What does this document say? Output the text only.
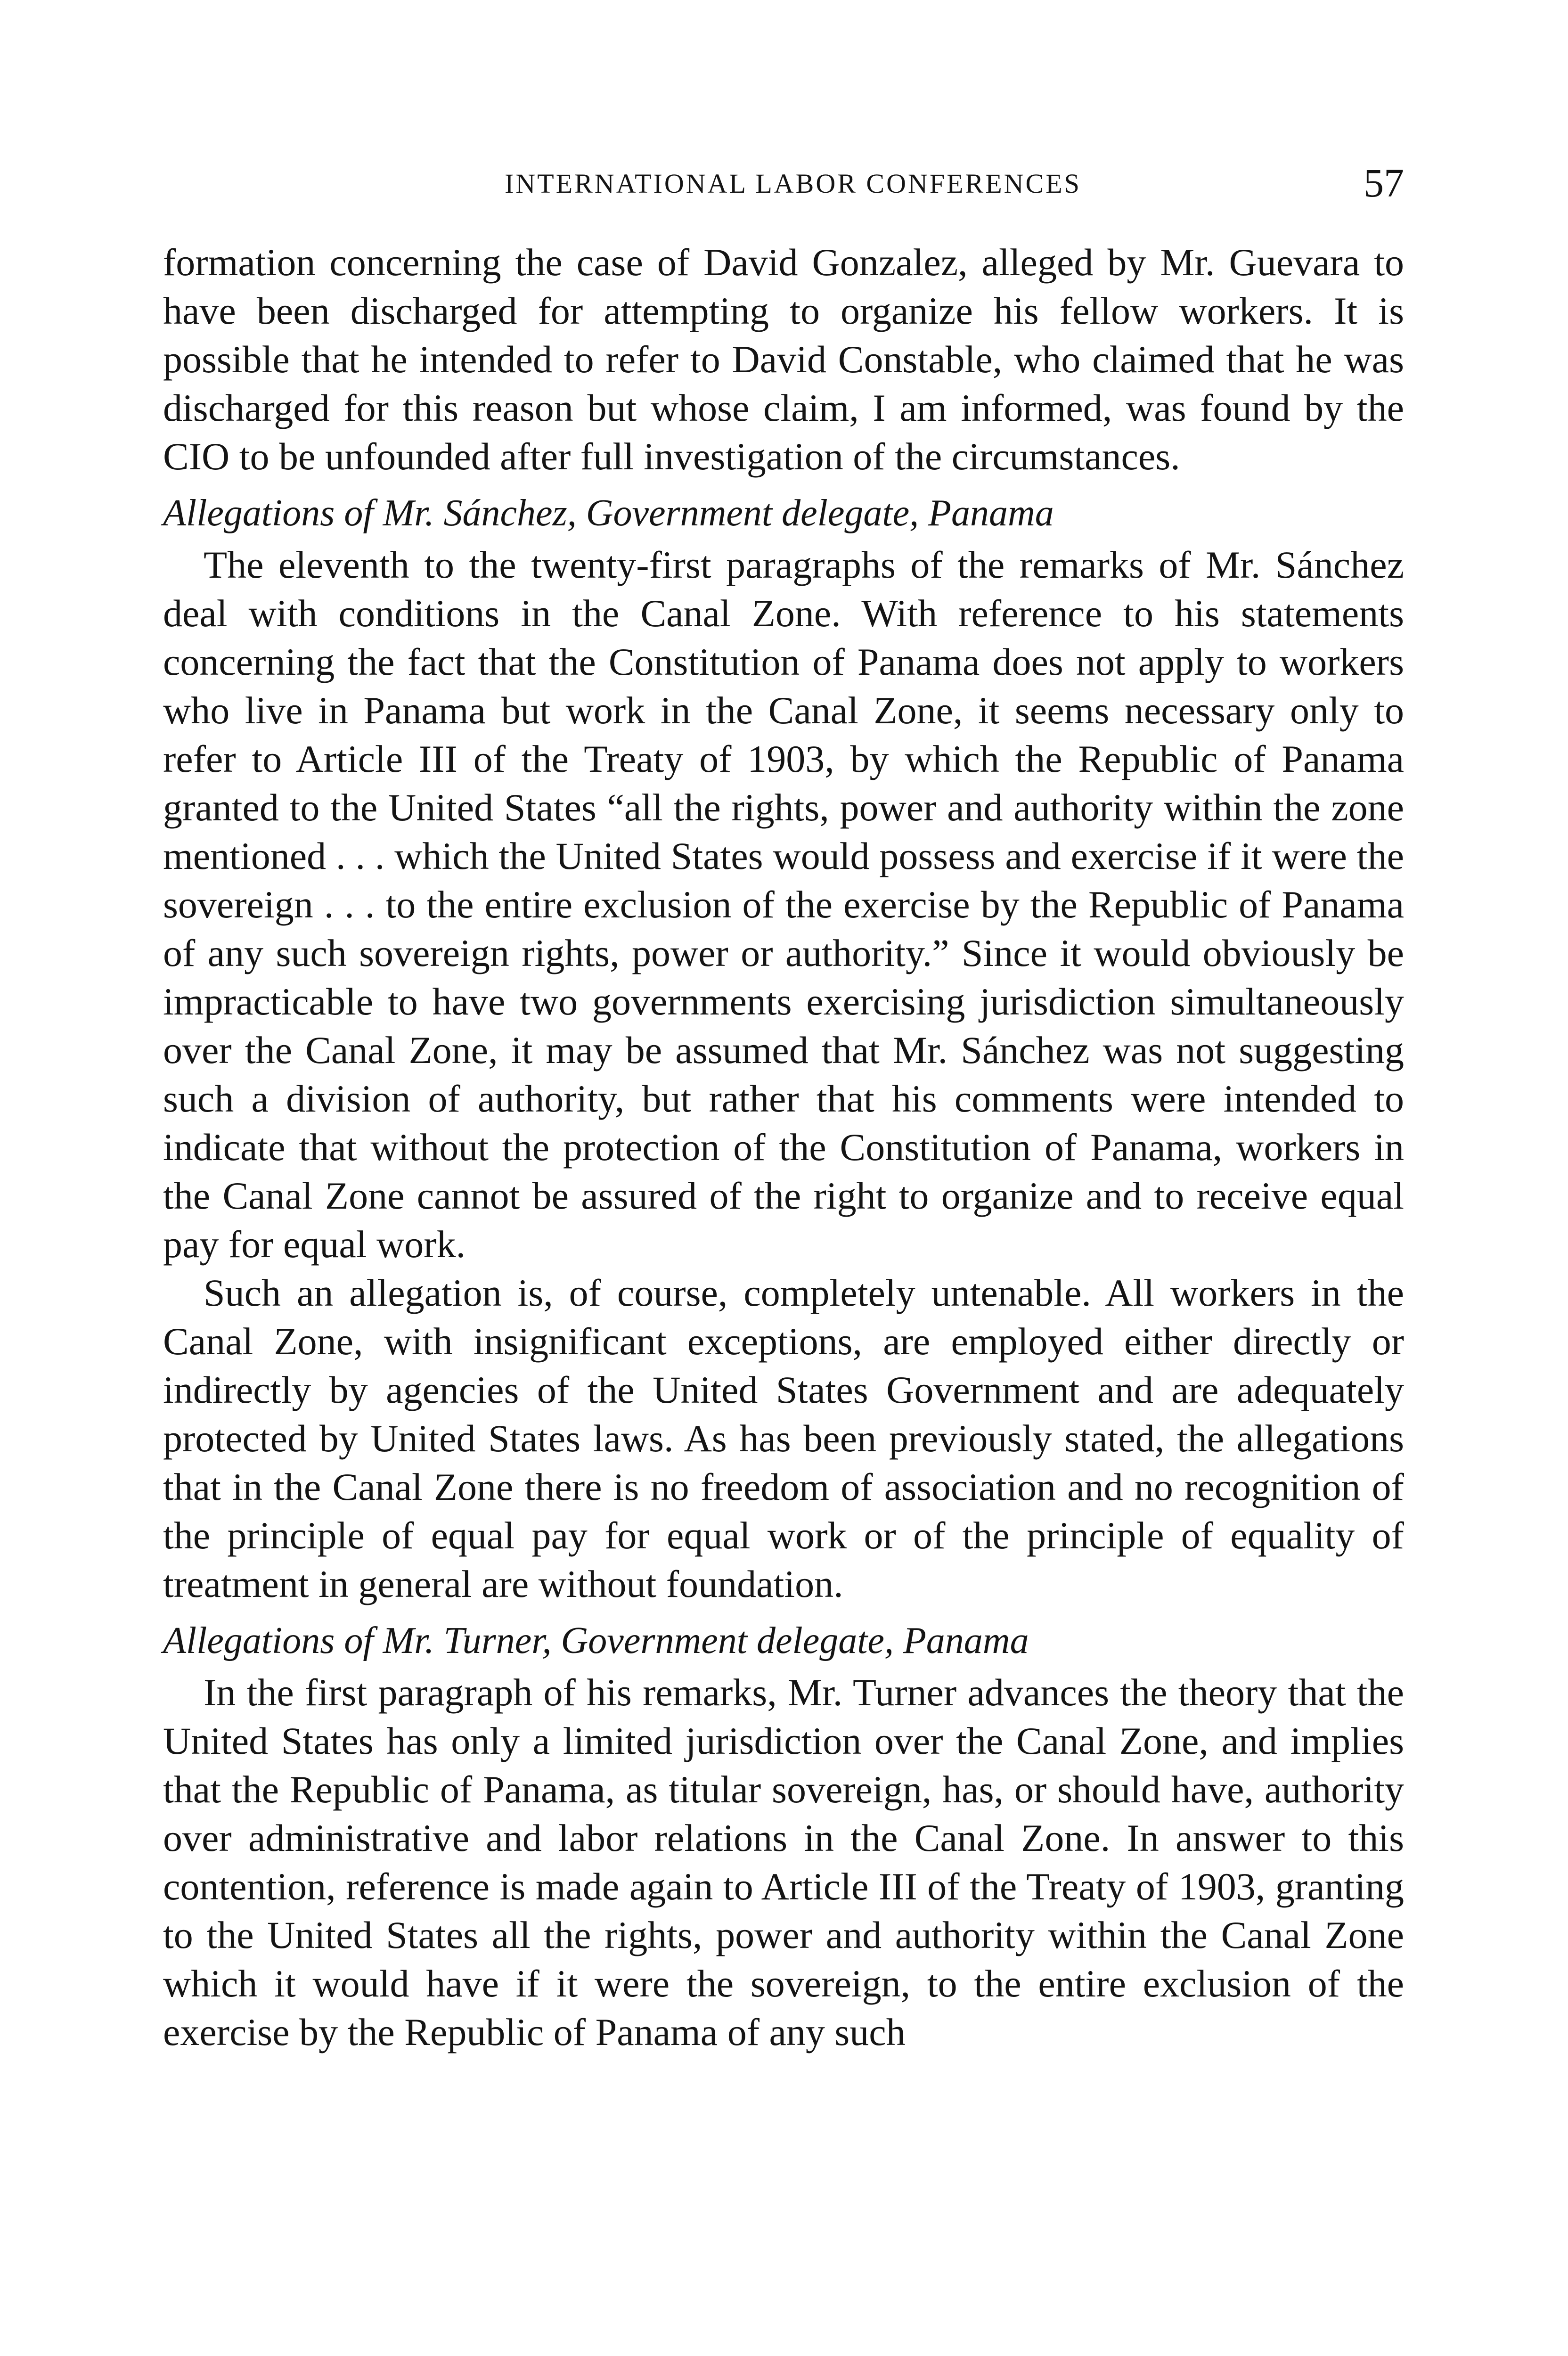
INTERNATIONAL LABOR CONFERENCES	57

formation concerning the case of David Gonzalez, alleged by Mr. Guevara to have been discharged for attempting to organize his fellow workers. It is possible that he intended to refer to David Constable, who claimed that he was discharged for this reason but whose claim, I am informed, was found by the CIO to be unfounded after full investigation of the circumstances.

Allegations of Mr. Sánchez, Government delegate, Panama

The eleventh to the twenty-first paragraphs of the remarks of Mr. Sánchez deal with conditions in the Canal Zone. With reference to his statements concerning the fact that the Constitution of Panama does not apply to workers who live in Panama but work in the Canal Zone, it seems necessary only to refer to Article III of the Treaty of 1903, by which the Republic of Panama granted to the United States “all the rights, power and authority within the zone mentioned . . . which the United States would possess and exercise if it were the sovereign . . . to the entire exclusion of the exercise by the Republic of Panama of any such sovereign rights, power or authority.” Since it would obviously be impracticable to have two governments exercising jurisdiction simultaneously over the Canal Zone, it may be assumed that Mr. Sánchez was not suggesting such a division of authority, but rather that his comments were intended to indicate that without the protection of the Constitution of Panama, workers in the Canal Zone cannot be assured of the right to organize and to receive equal pay for equal work.

Such an allegation is, of course, completely untenable. All workers in the Canal Zone, with insignificant exceptions, are employed either directly or indirectly by agencies of the United States Government and are adequately protected by United States laws. As has been previously stated, the allegations that in the Canal Zone there is no freedom of association and no recognition of the principle of equal pay for equal work or of the principle of equality of treatment in general are without foundation.

Allegations of Mr. Turner, Government delegate, Panama

In the first paragraph of his remarks, Mr. Turner advances the theory that the United States has only a limited jurisdiction over the Canal Zone, and implies that the Republic of Panama, as titular sovereign, has, or should have, authority over administrative and labor relations in the Canal Zone. In answer to this contention, reference is made again to Article III of the Treaty of 1903, granting to the United States all the rights, power and authority within the Canal Zone which it would have if it were the sovereign, to the entire exclusion of the exercise by the Republic of Panama of any such
